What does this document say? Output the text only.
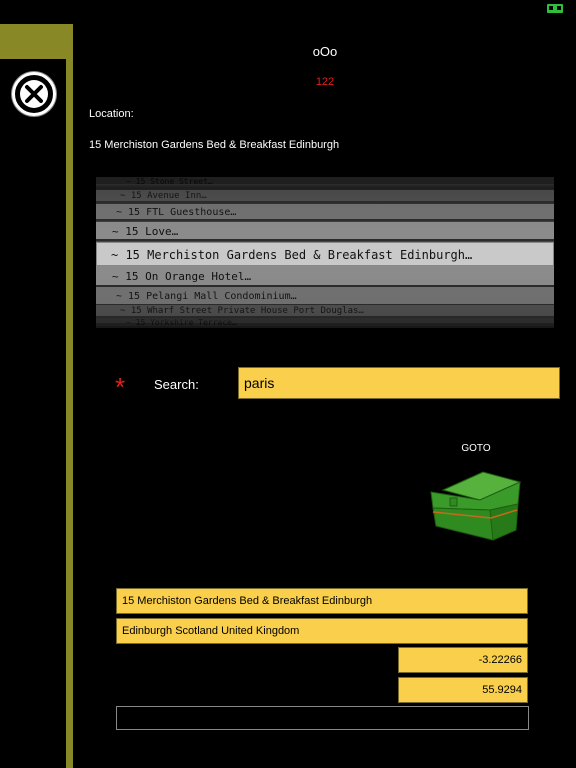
oOo
122
Location:
15 Merchiston Gardens Bed & Breakfast Edinburgh
~ 15 Stone Street…
~ 15 Avenue Inn…
~ 15 FTL Guesthouse…
~ 15 Love…
~ 15 Merchiston Gardens Bed & Breakfast Edinburgh…
~ 15 On Orange Hotel…
~ 15 Pelangi Mall Condominium…
~ 15 Wharf Street Private House Port Douglas…
~ 15 Yorkshire Terrace…
* Search:
paris
GOTO
15 Merchiston Gardens Bed & Breakfast Edinburgh
Edinburgh Scotland United Kingdom
-3.22266
55.9294
